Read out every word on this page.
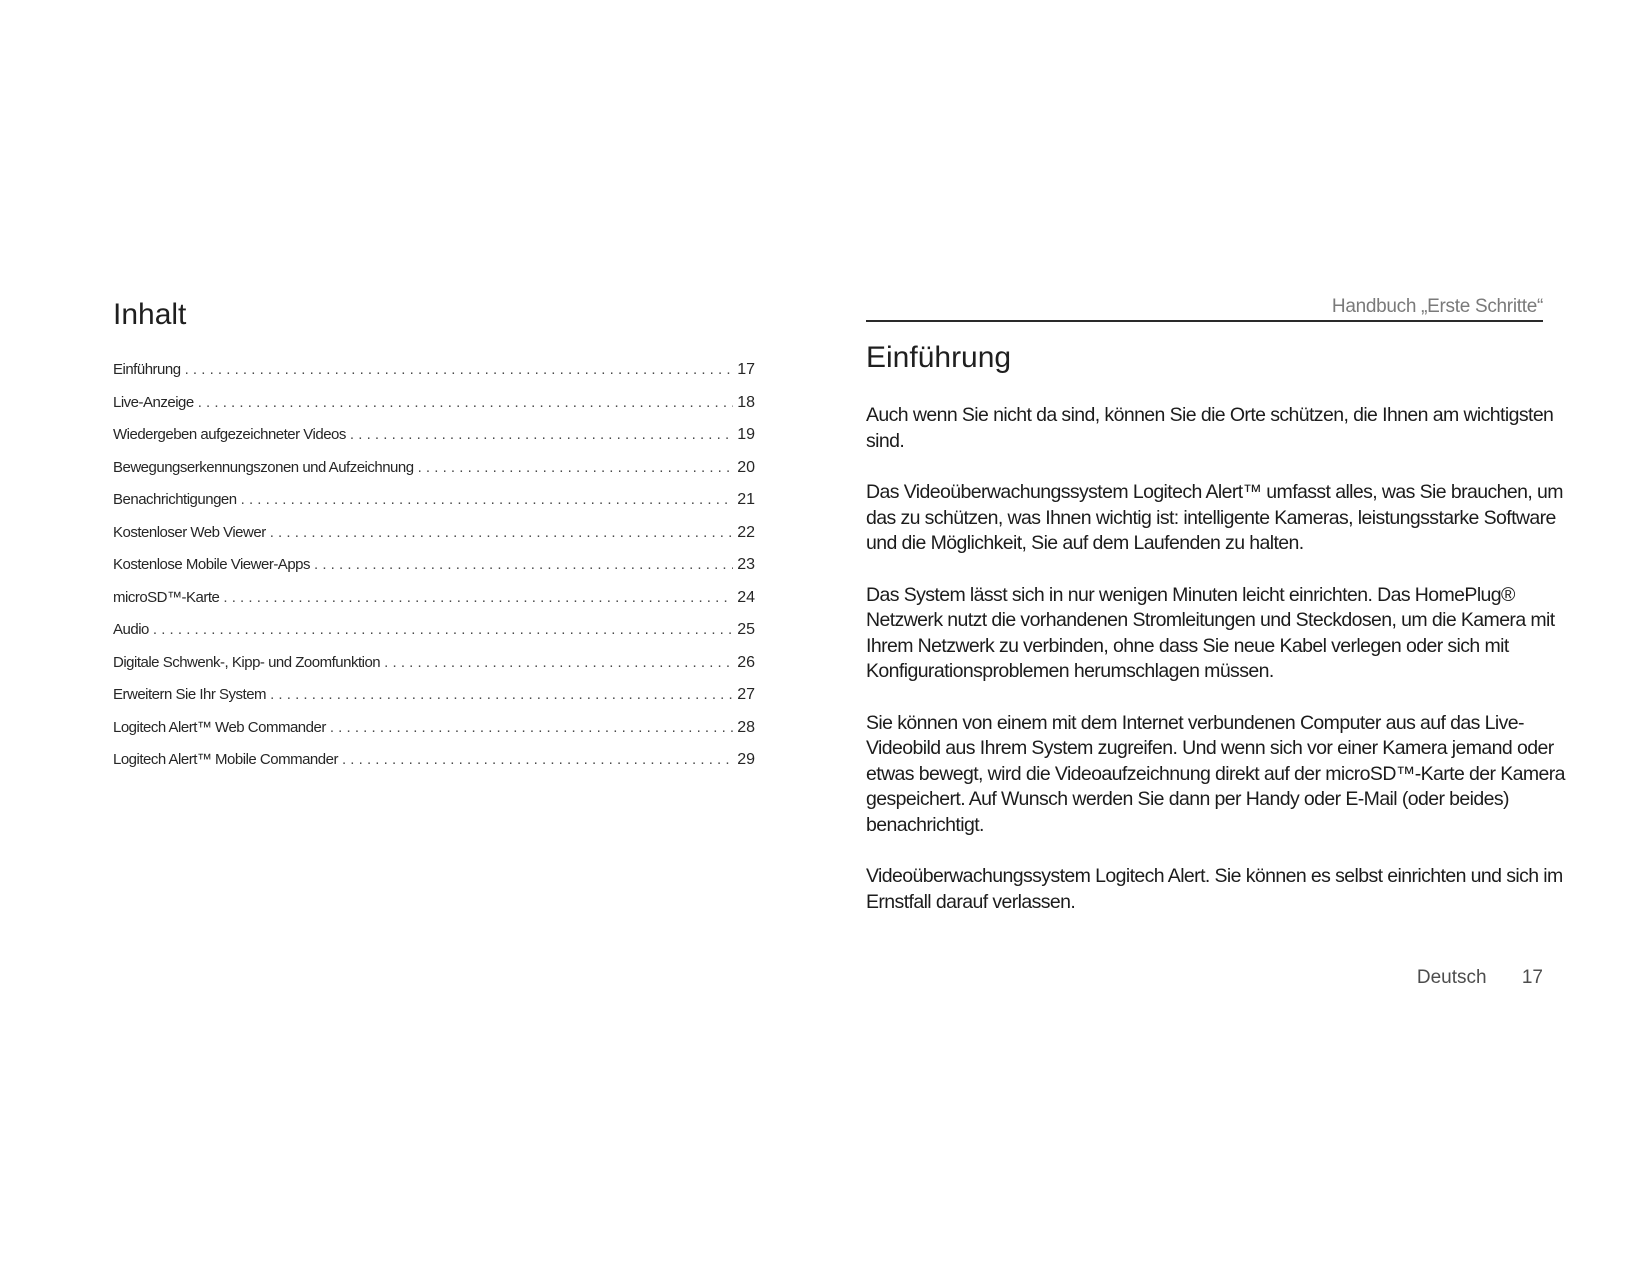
Inhalt
Einführung . . .	17
Live-Anzeige . . .	18
Wiedergeben aufgezeichneter Videos . . .	19
Bewegungserkennungszonen und Aufzeichnung . . .	20
Benachrichtigungen . . .	21
Kostenloser Web Viewer . . .	22
Kostenlose Mobile Viewer-Apps . . .	23
microSD™-Karte . . .	24
Audio . . .	25
Digitale Schwenk-, Kipp- und Zoomfunktion . . .	26
Erweitern Sie Ihr System . . .	27
Logitech Alert™ Web Commander . . .	28
Logitech Alert™ Mobile Commander . . .	29
Handbuch „Erste Schritte“
Einführung

Auch wenn Sie nicht da sind, können Sie die Orte schützen, die Ihnen am wichtigsten sind.

Das Videoüberwachungssystem Logitech Alert™ umfasst alles, was Sie brauchen, um das zu schützen, was Ihnen wichtig ist: intelligente Kameras, leistungsstarke Software und die Möglichkeit, Sie auf dem Laufenden zu halten.

Das System lässt sich in nur wenigen Minuten leicht einrichten. Das HomePlug® Netzwerk nutzt die vorhandenen Stromleitungen und Steckdosen, um die Kamera mit Ihrem Netzwerk zu verbinden, ohne dass Sie neue Kabel verlegen oder sich mit Konfigurationsproblemen herumschlagen müssen.

Sie können von einem mit dem Internet verbundenen Computer aus auf das Live-Videobild aus Ihrem System zugreifen. Und wenn sich vor einer Kamera jemand oder etwas bewegt, wird die Videoaufzeichnung direkt auf der microSD™-Karte der Kamera gespeichert. Auf Wunsch werden Sie dann per Handy oder E-Mail (oder beides) benachrichtigt.

Videoüberwachungssystem Logitech Alert. Sie können es selbst einrichten und sich im Ernstfall darauf verlassen.

Deutsch 17
